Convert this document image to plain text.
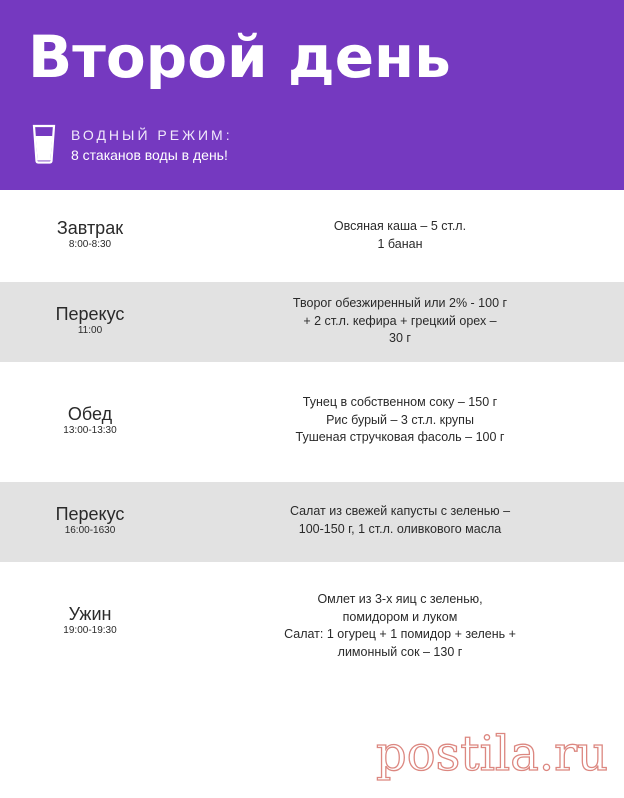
Второй день
ВОДНЫЙ РЕЖИМ:
8 стаканов воды в день!
Завтрак
8:00-8:30
Овсяная каша – 5 ст.л.
1 банан
Перекус
11:00
Творог обезжиренный или 2% - 100 г
+ 2 ст.л. кефира + грецкий орех –
30 г
Обед
13:00-13:30
Тунец в собственном соку – 150 г
Рис бурый – 3 ст.л. крупы
Тушеная стручковая фасоль – 100 г
Перекус
16:00-1630
Салат из свежей капусты с зеленью –
100-150 г, 1 ст.л. оливкового масла
Ужин
19:00-19:30
Омлет из 3-х яиц с зеленью,
помидором и луком
Салат: 1 огурец + 1 помидор + зелень +
лимонный сок – 130 г
postila.ru
